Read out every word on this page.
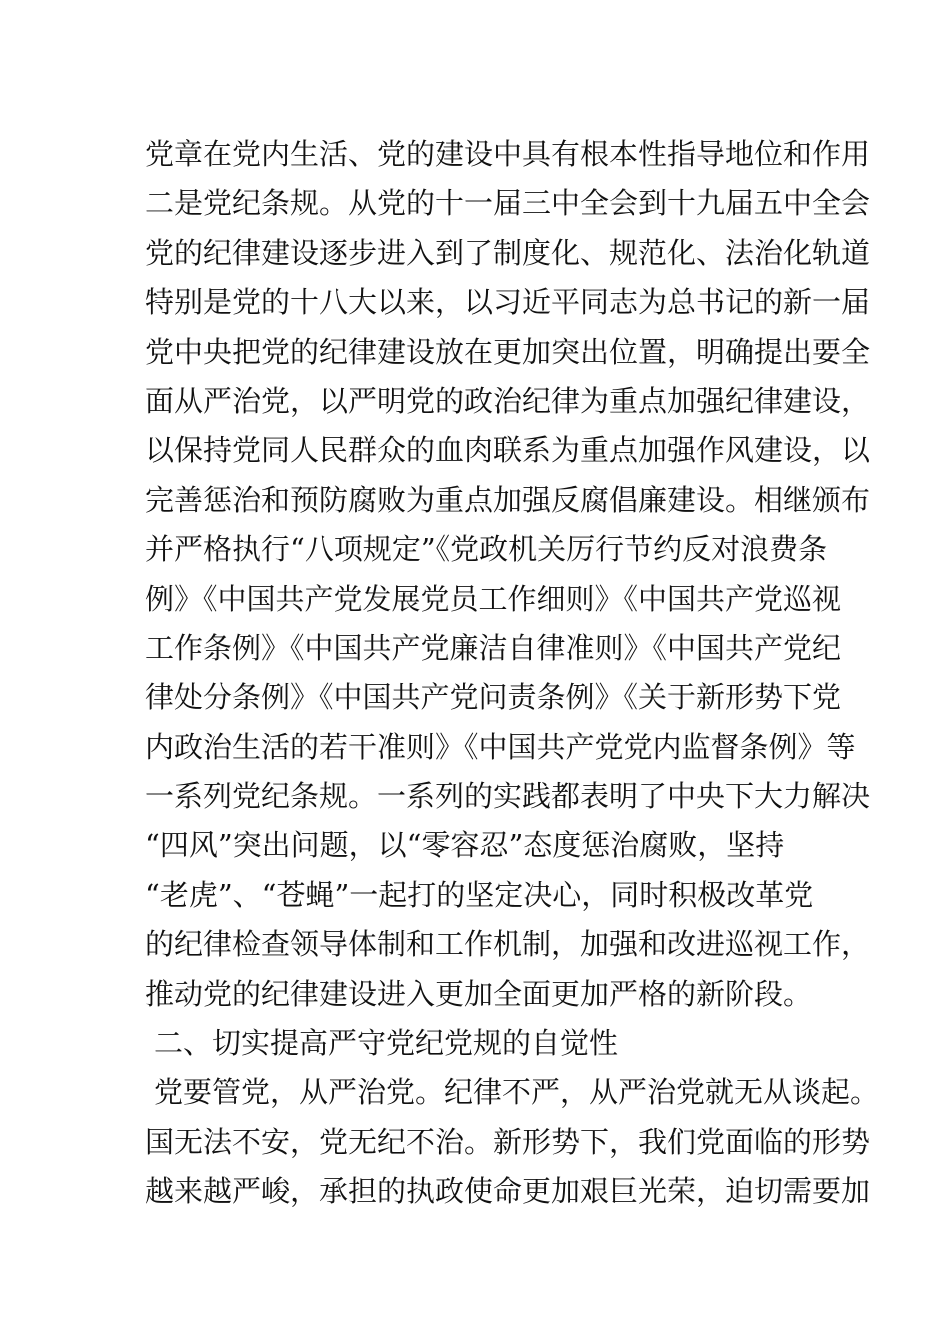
党章在党内生活、党的建设中具有根本性指导地位和作用
二是党纪条规。从党的十一届三中全会到十九届五中全会
党的纪律建设逐步进入到了制度化、规范化、法治化轨道
特别是党的十八大以来，以习近平同志为总书记的新一届
党中央把党的纪律建设放在更加突出位置，明确提出要全
面从严治党，以严明党的政治纪律为重点加强纪律建设，
以保持党同人民群众的血肉联系为重点加强作风建设，以
完善惩治和预防腐败为重点加强反腐倡廉建设。相继颁布
并严格执行“八项规定”《党政机关厉行节约反对浪费条
例》《中国共产党发展党员工作细则》《中国共产党巡视
工作条例》《中国共产党廉洁自律准则》《中国共产党纪
律处分条例》《中国共产党问责条例》《关于新形势下党
内政治生活的若干准则》《中国共产党党内监督条例》等
一系列党纪条规。一系列的实践都表明了中央下大力解决
“四风”突出问题，以“零容忍”态度惩治腐败，坚持
“老虎”、“苍蝇”一起打的坚定决心，同时积极改革党
的纪律检查领导体制和工作机制，加强和改进巡视工作，
推动党的纪律建设进入更加全面更加严格的新阶段。
二、切实提高严守党纪党规的自觉性
党要管党，从严治党。纪律不严，从严治党就无从谈起。
国无法不安，党无纪不治。新形势下，我们党面临的形势
越来越严峻，承担的执政使命更加艰巨光荣，迫切需要加
